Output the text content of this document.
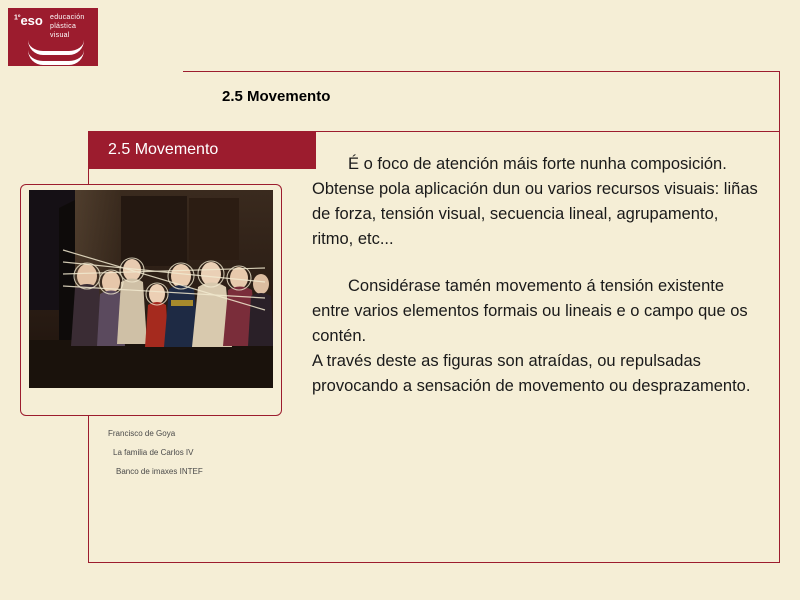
$^{1º}$eso educación
plástica
visual
2.5 Movemento
2.5 Movemento
Francisco de Goya
La familia de Carlos IV
Banco de imaxes INTEF

É o foco de atención máis forte nunha composición. Obtense pola aplicación dun ou varios recursos visuais: liñas de forza, tensión visual, secuencia lineal, agrupamento, ritmo, etc...

Considérase tamén movemento á tensión existente entre varios elementos formais ou lineais e o campo que os contén.

A través deste as figuras son atraídas, ou repulsadas provocando a sensación de movemento ou desprazamento.
